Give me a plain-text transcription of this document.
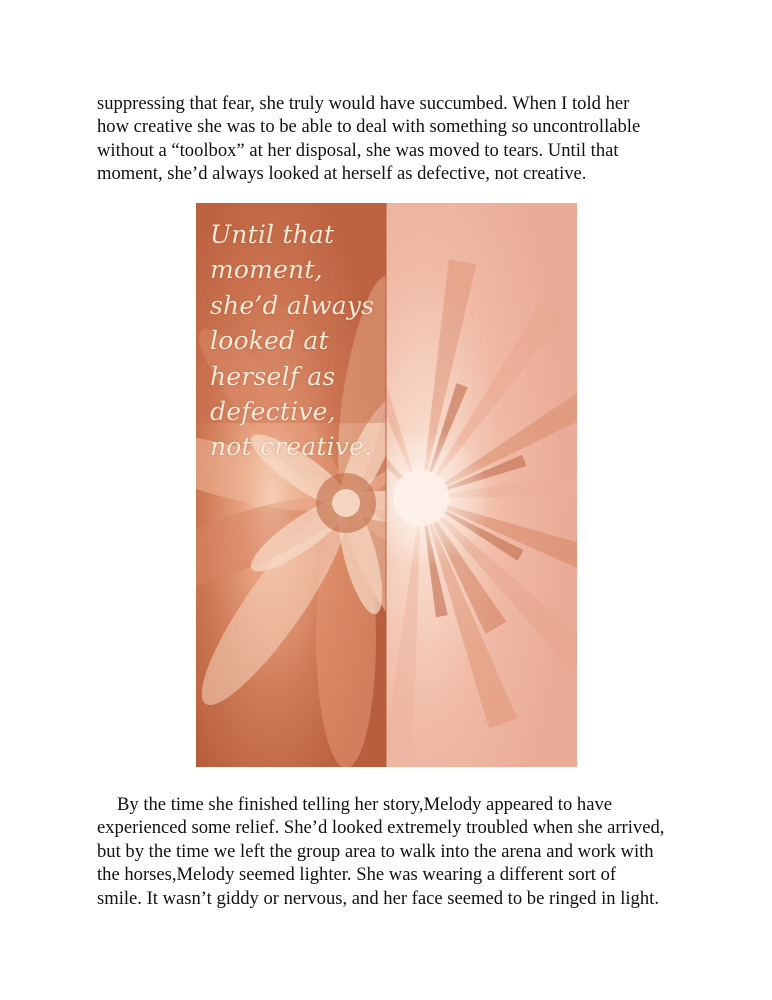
suppressing that fear, she truly would have succumbed. When I told her
how creative she was to be able to deal with something so uncontrollable
without a “toolbox” at her disposal, she was moved to tears. Until that
moment, she’d always looked at herself as defective, not creative.
Until that
moment,
she’d always
looked at
herself as
defective,
not creative.
By the time she finished telling her story,Melody appeared to have
experienced some relief. She’d looked extremely troubled when she arrived,
but by the time we left the group area to walk into the arena and work with
the horses,Melody seemed lighter. She was wearing a different sort of
smile. It wasn’t giddy or nervous, and her face seemed to be ringed in light.
